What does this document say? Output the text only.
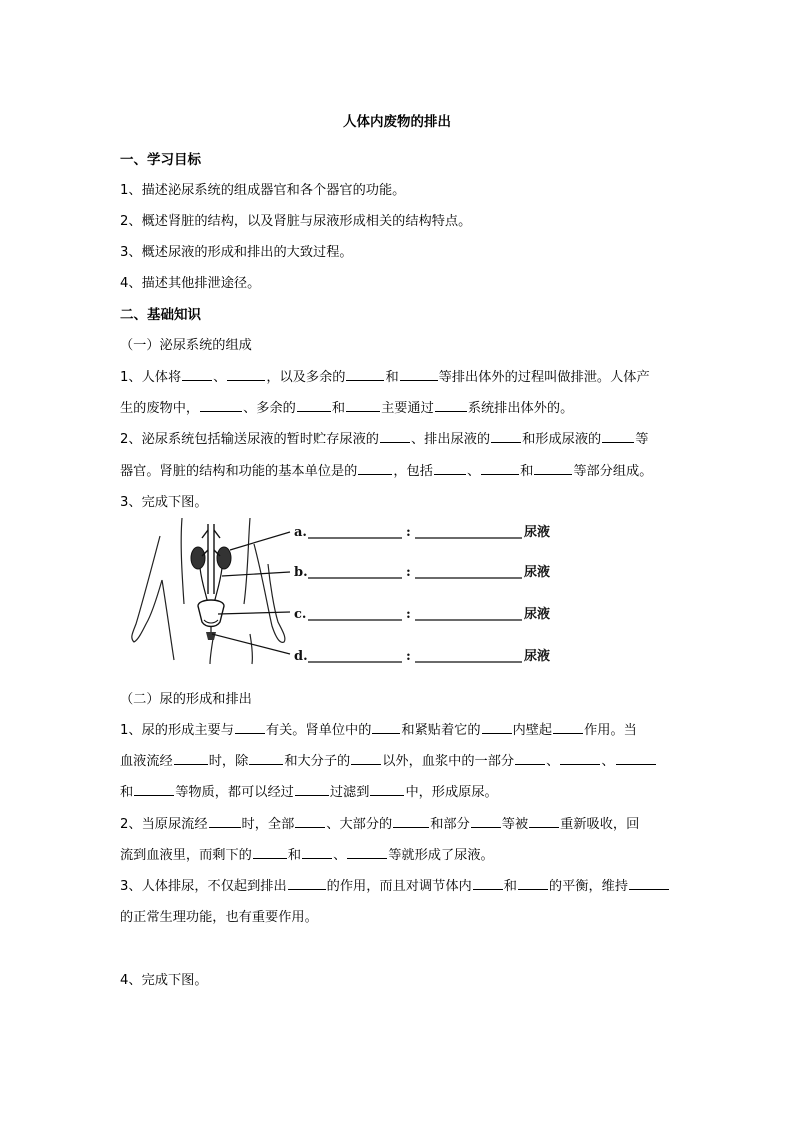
人体内废物的排出
一、学习目标
1、描述泌尿系统的组成器官和各个器官的功能。
2、概述肾脏的结构，以及肾脏与尿液形成相关的结构特点。
3、概述尿液的形成和排出的大致过程。
4、描述其他排泄途径。
二、基础知识
（一）泌尿系统的组成
1、人体将 、	，以及多余的	和	等排出体外的过程叫做排泄。人体产
生的废物中，	、多余的	和	主要通过	系统排出体外的。
2、泌尿系统包括输送尿液的暂时贮存尿液的 、排出尿液的 和形成尿液的	等
器官。肾脏的结构和功能的基本单位是的	，包括	、	和	等部分组成。
3、完成下图。
a.	:	尿液
b.	:	尿液
c.	:	尿液
d.	:	尿液
（二）尿的形成和排出
1、尿的形成主要与 有关。肾单位中的 和紧贴着它的 内壁起 作用。当
血液流经	时，除	和大分子的 以外，血浆中的一部分 、	、
和	等物质，都可以经过	过滤到	中，形成原尿。
2、当原尿流经	时，全部 、大部分的	和部分 等被 重新吸收，回
流到血液里，而剩下的	和 、	等就形成了尿液。
3、人体排尿，不仅起到排出	的作用，而且对调节体内 和 的平衡，维持
的正常生理功能，也有重要作用。
4、完成下图。
